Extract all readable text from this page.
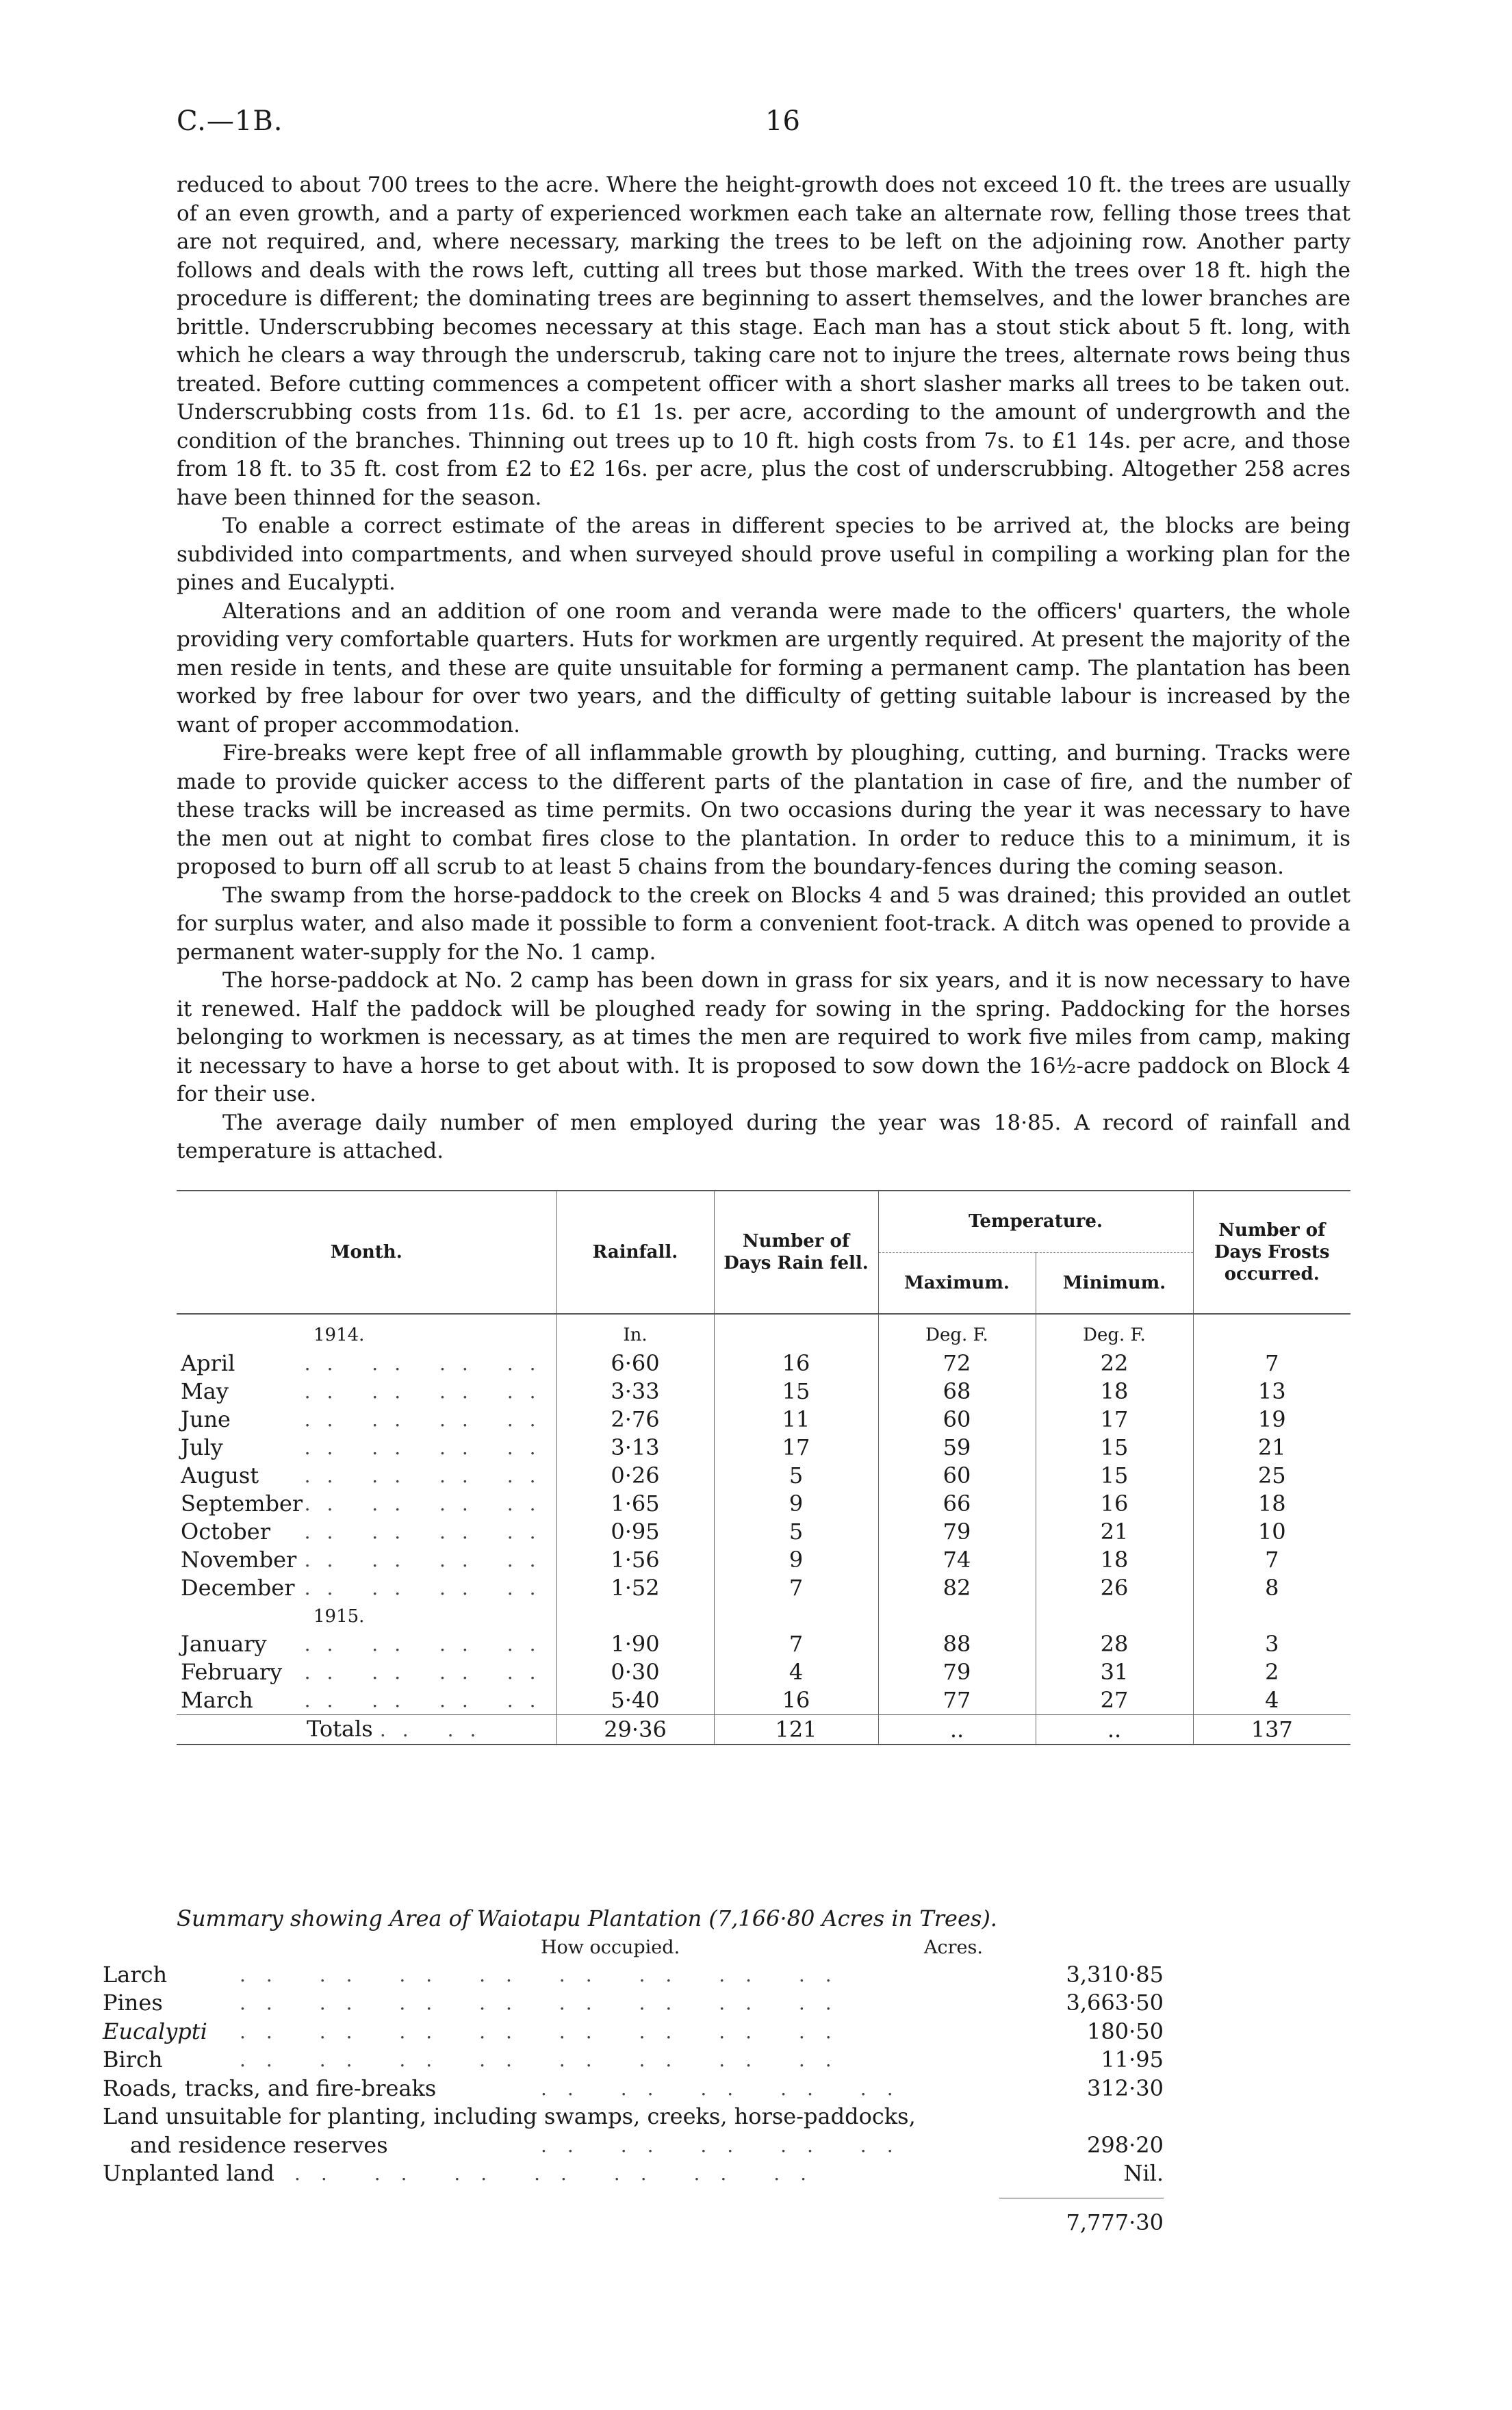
C.—1B.	16

reduced to about 700 trees to the acre. Where the height-growth does not exceed 10 ft. the trees are usually of an even growth, and a party of experienced workmen each take an alternate row, felling those trees that are not required, and, where necessary, marking the trees to be left on the adjoining row. Another party follows and deals with the rows left, cutting all trees but those marked. With the trees over 18 ft. high the procedure is different; the dominating trees are beginning to assert themselves, and the lower branches are brittle. Underscrubbing becomes necessary at this stage. Each man has a stout stick about 5 ft. long, with which he clears a way through the underscrub, taking care not to injure the trees, alternate rows being thus treated. Before cutting commences a competent officer with a short slasher marks all trees to be taken out. Underscrubbing costs from 11s. 6d. to £1 1s. per acre, according to the amount of undergrowth and the condition of the branches. Thinning out trees up to 10 ft. high costs from 7s. to £1 14s. per acre, and those from 18 ft. to 35 ft. cost from £2 to £2 16s. per acre, plus the cost of underscrubbing. Altogether 258 acres have been thinned for the season.

To enable a correct estimate of the areas in different species to be arrived at, the blocks are being subdivided into compartments, and when surveyed should prove useful in compiling a working plan for the pines and Eucalypti.

Alterations and an addition of one room and veranda were made to the officers' quarters, the whole providing very comfortable quarters. Huts for workmen are urgently required. At present the majority of the men reside in tents, and these are quite unsuitable for forming a permanent camp. The plantation has been worked by free labour for over two years, and the difficulty of getting suitable labour is increased by the want of proper accommodation.

Fire-breaks were kept free of all inflammable growth by ploughing, cutting, and burning. Tracks were made to provide quicker access to the different parts of the plantation in case of fire, and the number of these tracks will be increased as time permits. On two occasions during the year it was necessary to have the men out at night to combat fires close to the plantation. In order to reduce this to a minimum, it is proposed to burn off all scrub to at least 5 chains from the boundary-fences during the coming season.

The swamp from the horse-paddock to the creek on Blocks 4 and 5 was drained; this provided an outlet for surplus water, and also made it possible to form a convenient foot-track. A ditch was opened to provide a permanent water-supply for the No. 1 camp.

The horse-paddock at No. 2 camp has been down in grass for six years, and it is now necessary to have it renewed. Half the paddock will be ploughed ready for sowing in the spring. Paddocking for the horses belonging to workmen is necessary, as at times the men are required to work five miles from camp, making it necessary to have a horse to get about with. It is proposed to sow down the 16½-acre paddock on Block 4 for their use.

The average daily number of men employed during the year was 18·85. A record of rainfall and temperature is attached.

Month.	Rainfall.	Number of Days Rain fell.	Temperature.		Number of Days Frosts occurred.
			Maximum.	Minimum.	
1914.	In.		Deg. F.	Deg. F.	
April .. .. .. ..	6·60	16	72	22	7
May .. .. .. ..	3·33	15	68	18	13
June .. .. .. ..	2·76	11	60	17	19
July .. .. .. ..	3·13	17	59	15	21
August .. .. .. ..	0·26	5	60	15	25
September .. .. .. ..	1·65	9	66	16	18
October .. .. .. ..	0·95	5	79	21	10
November .. .. .. ..	1·56	9	74	18	7
December .. .. .. ..	1·52	7	82	26	8
1915.					
January .. .. .. ..	1·90	7	88	28	3
February .. .. .. ..	0·30	4	79	31	2
March .. .. .. ..	5·40	16	77	27	4
Totals .. ..	29·36	121	..	..	137
Summary showing Area of Waiotapu Plantation (7,166·80 Acres in Trees).
How occupied.	Acres.
Larch	.. .. .. .. .. .. .. ..	3,310·85
Pines	.. .. .. .. .. .. .. ..	3,663·50
Eucalypti .. .. .. .. .. .. .. ..	180·50
Birch	.. .. .. .. .. .. .. ..	11·95
Roads, tracks, and fire-breaks	.. .. .. .. ..	312·30
Land unsuitable for planting, including swamps, creeks, horse-paddocks,
and residence reserves	.. .. .. .. ..	298·20
Unplanted land .. .. .. .. .. .. ..	Nil.
7,777·30
